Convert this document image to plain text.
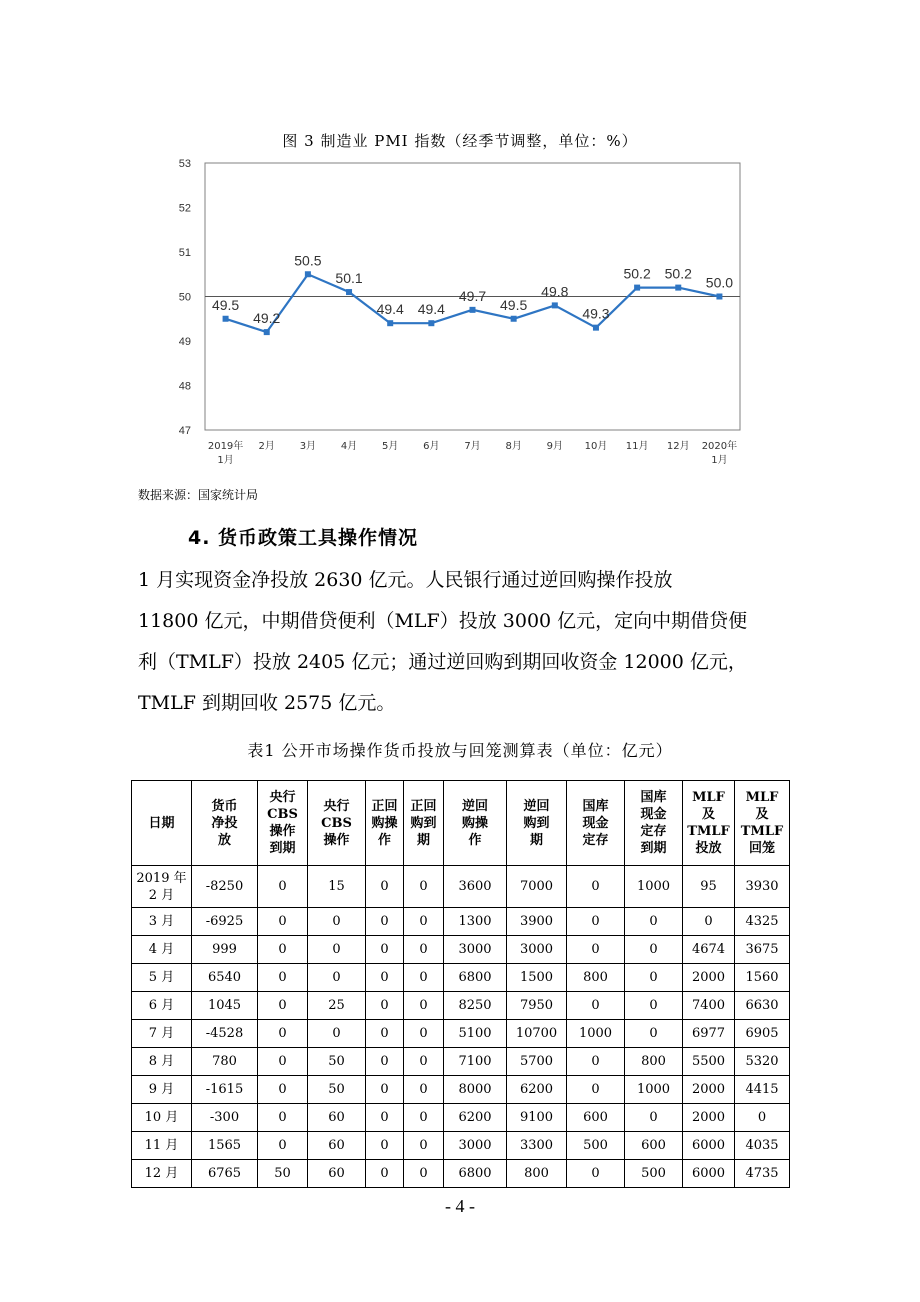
图 3 制造业 PMI 指数（经季节调整，单位：%）
53
52
51
50
49
48
47
49.5
49.2
50.5
50.1
49.4 49.4
49.7
49.5
49.8
49.3
50.2 50.2
50.0
2019年
1月
2月 3月 4月 5月 6月 7月 8月 9月 10月 11月 12月 2020年
1月
数据来源：国家统计局
4. 货币政策工具操作情况

1 月实现资金净投放 2630 亿元。人民银行通过逆回购操作投放
11800 亿元，中期借贷便利（MLF）投放 3000 亿元，定向中期借贷便
利（TMLF）投放 2405 亿元；通过逆回购到期回收资金 12000 亿元，
TMLF 到期回收 2575 亿元。

表1 公开市场操作货币投放与回笼测算表（单位：亿元）
日期	货币
净投
放	央行
CBS
操作
到期	央行
CBS
操作	正回
购操
作	正回
购到
期	逆回
购操
作	逆回
购到
期	国库
现金
定存	国库
现金
定存
到期	MLF
及
TMLF
投放	MLF
及
TMLF
回笼
2019 年
2 月	-8250	0	15	0	0	3600	7000	0	1000	95	3930
3 月	-6925	0	0	0	0	1300	3900	0	0	0	4325
4 月	999	0	0	0	0	3000	3000	0	0	4674	3675
5 月	6540	0	0	0	0	6800	1500	800	0	2000	1560
6 月	1045	0	25	0	0	8250	7950	0	0	7400	6630
7 月	-4528	0	0	0	0	5100	10700	1000	0	6977	6905
8 月	780	0	50	0	0	7100	5700	0	800	5500	5320
9 月	-1615	0	50	0	0	8000	6200	0	1000	2000	4415
10 月	-300	0	60	0	0	6200	9100	600	0	2000	0
11 月	1565	0	60	0	0	3000	3300	500	600	6000	4035
12 月	6765	50	60	0	0	6800	800	0	500	6000	4735
- 4 -
